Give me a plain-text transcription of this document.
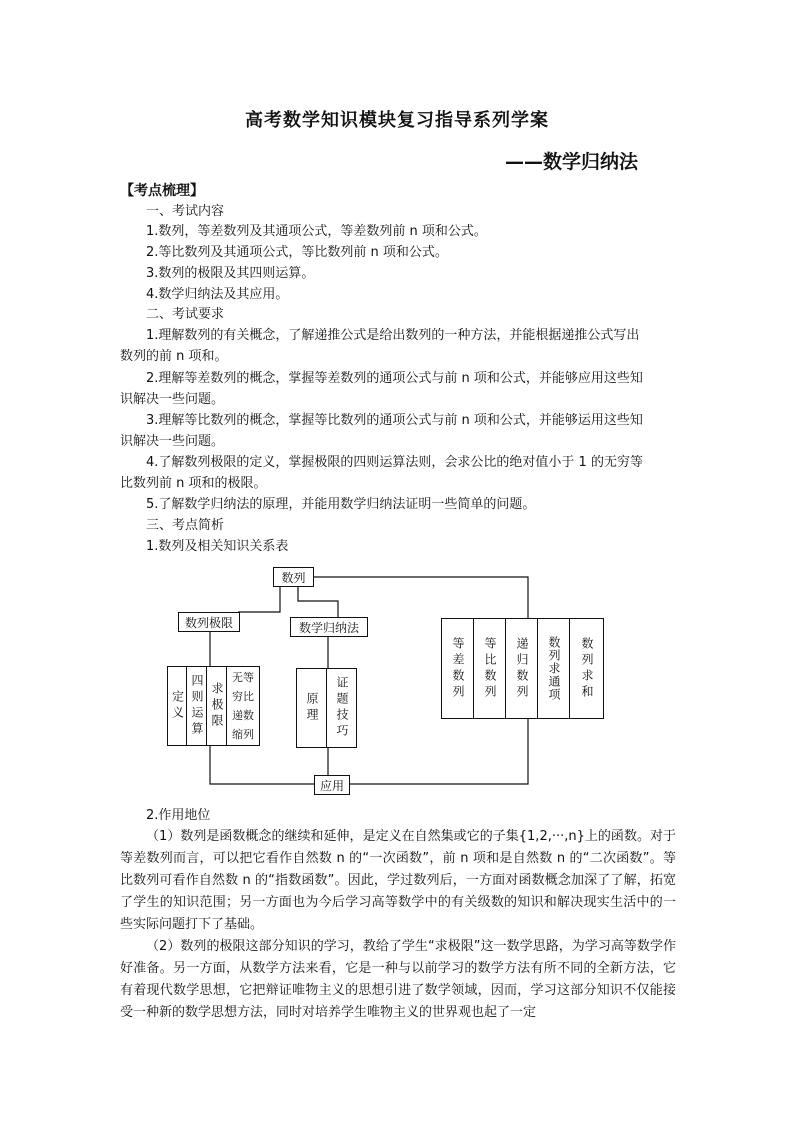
高考数学知识模块复习指导系列学案
——数学归纳法
【考点梳理】
一、考试内容
1.数列，等差数列及其通项公式，等差数列前 n 项和公式。
2.等比数列及其通项公式，等比数列前 n 项和公式。
3.数列的极限及其四则运算。
4.数学归纳法及其应用。
二、考试要求
1.理解数列的有关概念，了解递推公式是给出数列的一种方法，并能根据递推公式写出
数列的前 n 项和。
2.理解等差数列的概念，掌握等差数列的通项公式与前 n 项和公式，并能够应用这些知
识解决一些问题。
3.理解等比数列的概念，掌握等比数列的通项公式与前 n 项和公式，并能够运用这些知
识解决一些问题。
4.了解数列极限的定义，掌握极限的四则运算法则，会求公比的绝对值小于 1 的无穷等
比数列前 n 项和的极限。
5.了解数学归纳法的原理，并能用数学归纳法证明一些简单的问题。
三、考点简析
1.数列及相关知识关系表
数列
数列极限	数学归纳法
应用
定义 四则运算 求极限
无等
穷比
递数
缩列
原理 证题技巧
等差数列 等比数列 递归数列 数列求通项 数列求和
2.作用地位
（1）数列是函数概念的继续和延伸，是定义在自然集或它的子集{1,2,···,n}上的函数。对于等差数列而言，可以把它看作自然数 n 的“一次函数”，前 n 项和是自然数 n 的“二次函数”。等比数列可看作自然数 n 的“指数函数”。因此，学过数列后，一方面对函数概念加深了了解，拓宽了学生的知识范围；另一方面也为今后学习高等数学中的有关级数的知识和解决现实生活中的一些实际问题打下了基础。
（2）数列的极限这部分知识的学习，教给了学生“求极限”这一数学思路，为学习高等数学作好准备。另一方面，从数学方法来看，它是一种与以前学习的数学方法有所不同的全新方法，它有着现代数学思想，它把辩证唯物主义的思想引进了数学领域，因而，学习这部分知识不仅能接受一种新的数学思想方法，同时对培养学生唯物主义的世界观也起了一定
